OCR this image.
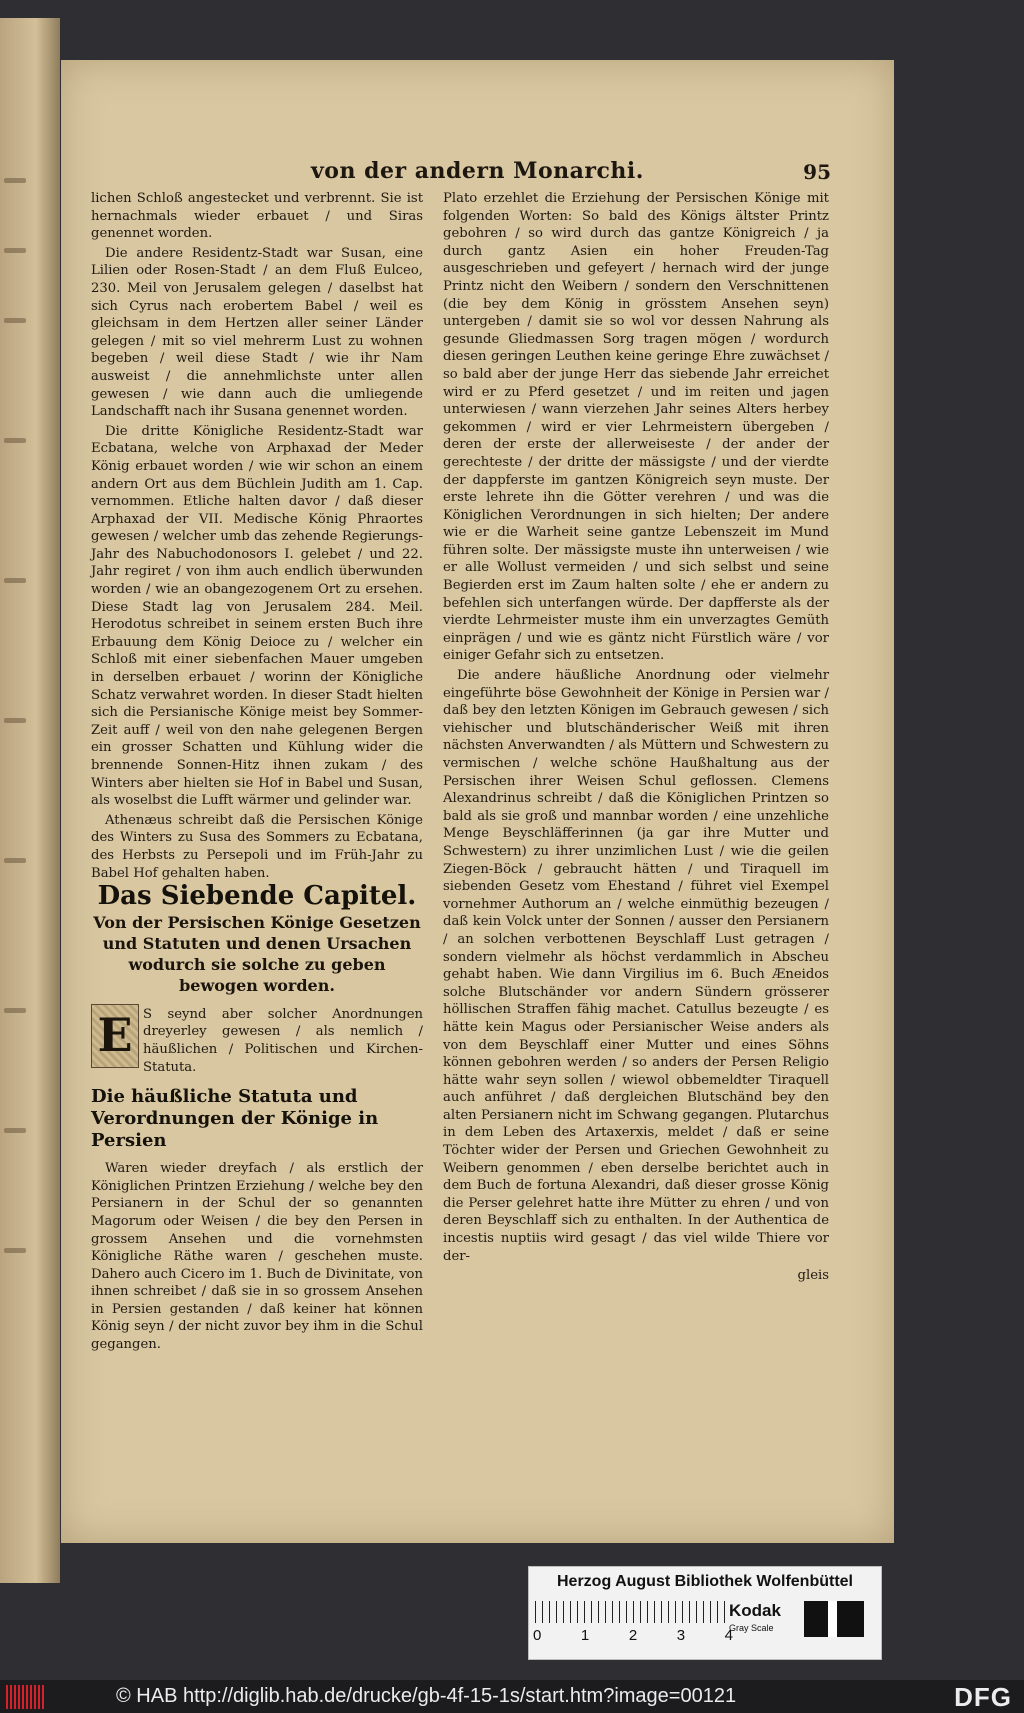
von der andern Monarchi.	95

lichen Schloß angestecket und verbrennt. Sie ist hernachmals wieder erbauet / und Siras genennet worden.

Die andere Residentz-Stadt war Susan, eine Lilien oder Rosen-Stadt / an dem Fluß Eulceo, 230. Meil von Jerusalem gelegen / daselbst hat sich Cyrus nach erobertem Babel / weil es gleichsam in dem Hertzen aller seiner Länder gelegen / mit so viel mehrerm Lust zu wohnen begeben / weil diese Stadt / wie ihr Nam ausweist / die annehmlichste unter allen gewesen / wie dann auch die umliegende Landschafft nach ihr Susana genennet worden.

Die dritte Königliche Residentz-Stadt war Ecbatana, welche von Arphaxad der Meder König erbauet worden / wie wir schon an einem andern Ort aus dem Büchlein Judith am 1. Cap. vernommen. Etliche halten davor / daß dieser Arphaxad der VII. Medische König Phraortes gewesen / welcher umb das zehende Regierungs-Jahr des Nabuchodonosors I. gelebet / und 22. Jahr regiret / von ihm auch endlich überwunden worden / wie an obangezogenem Ort zu ersehen. Diese Stadt lag von Jerusalem 284. Meil. Herodotus schreibet in seinem ersten Buch ihre Erbauung dem König Deioce zu / welcher ein Schloß mit einer siebenfachen Mauer umgeben in derselben erbauet / worinn der Königliche Schatz verwahret worden. In dieser Stadt hielten sich die Persianische Könige meist bey Sommer-Zeit auff / weil von den nahe gelegenen Bergen ein grosser Schatten und Kühlung wider die brennende Sonnen-Hitz ihnen zukam / des Winters aber hielten sie Hof in Babel und Susan, als woselbst die Lufft wärmer und gelinder war.

Athenæus schreibt daß die Persischen Könige des Winters zu Susa des Sommers zu Ecbatana, des Herbsts zu Persepoli und im Früh-Jahr zu Babel Hof gehalten haben.

Das Siebende Capitel.
Von der Persischen Könige Gesetzen und Statuten und denen Ursachen wodurch sie solche zu geben bewogen worden.
E S seynd aber solcher Anordnungen dreyerley gewesen / als nemlich / häußlichen / Politischen und Kirchen-Statuta.

Die häußliche Statuta und Verordnungen der Könige in Persien

Waren wieder dreyfach / als erstlich der Königlichen Printzen Erziehung / welche bey den Persianern in der Schul der so genannten Magorum oder Weisen / die bey den Persen in grossem Ansehen und die vornehmsten Königliche Räthe waren / geschehen muste. Dahero auch Cicero im 1. Buch de Divinitate, von ihnen schreibet / daß sie in so grossem Ansehen in Persien gestanden / daß keiner hat können König seyn / der nicht zuvor bey ihm in die Schul gegangen.

Plato erzehlet die Erziehung der Persischen Könige mit folgenden Worten: So bald des Königs ältster Printz gebohren / so wird durch das gantze Königreich / ja durch gantz Asien ein hoher Freuden-Tag ausgeschrieben und gefeyert / hernach wird der junge Printz nicht den Weibern / sondern den Verschnittenen (die bey dem König in grösstem Ansehen seyn) untergeben / damit sie so wol vor dessen Nahrung als gesunde Gliedmassen Sorg tragen mögen / wordurch diesen geringen Leuthen keine geringe Ehre zuwächset / so bald aber der junge Herr das siebende Jahr erreichet wird er zu Pferd gesetzet / und im reiten und jagen unterwiesen / wann vierzehen Jahr seines Alters herbey gekommen / wird er vier Lehrmeistern übergeben / deren der erste der allerweiseste / der ander der gerechteste / der dritte der mässigste / und der vierdte der dappferste im gantzen Königreich seyn muste. Der erste lehrete ihn die Götter verehren / und was die Königlichen Verordnungen in sich hielten; Der andere wie er die Warheit seine gantze Lebenszeit im Mund führen solte. Der mässigste muste ihn unterweisen / wie er alle Wollust vermeiden / und sich selbst und seine Begierden erst im Zaum halten solte / ehe er andern zu befehlen sich unterfangen würde. Der dapfferste als der vierdte Lehrmeister muste ihm ein unverzagtes Gemüth einprägen / und wie es gäntz nicht Fürstlich wäre / vor einiger Gefahr sich zu entsetzen.

Die andere häußliche Anordnung oder vielmehr eingeführte böse Gewohnheit der Könige in Persien war / daß bey den letzten Königen im Gebrauch gewesen / sich viehischer und blutschänderischer Weiß mit ihren nächsten Anverwandten / als Müttern und Schwestern zu vermischen / welche schöne Haußhaltung aus der Persischen ihrer Weisen Schul geflossen. Clemens Alexandrinus schreibt / daß die Königlichen Printzen so bald als sie groß und mannbar worden / eine unzehliche Menge Beyschläfferinnen (ja gar ihre Mutter und Schwestern) zu ihrer unzimlichen Lust / wie die geilen Ziegen-Böck / gebraucht hätten / und Tiraquell im siebenden Gesetz vom Ehestand / führet viel Exempel vornehmer Authorum an / welche einmüthig bezeugen / daß kein Volck unter der Sonnen / ausser den Persianern / an solchen verbottenen Beyschlaff Lust getragen / sondern vielmehr als höchst verdammlich in Abscheu gehabt haben. Wie dann Virgilius im 6. Buch Æneidos solche Blutschänder vor andern Sündern grösserer höllischen Straffen fähig machet. Catullus bezeugte / es hätte kein Magus oder Persianischer Weise anders als von dem Beyschlaff einer Mutter und eines Söhns können gebohren werden / so anders der Persen Religio hätte wahr seyn sollen / wiewol obbemeldter Tiraquell auch anführet / daß dergleichen Blutschänd bey den alten Persianern nicht im Schwang gegangen. Plutarchus in dem Leben des Artaxerxis, meldet / daß er seine Töchter wider der Persen und Griechen Gewohnheit zu Weibern genommen / eben derselbe berichtet auch in dem Buch de fortuna Alexandri, daß dieser grosse König die Perser gelehret hatte ihre Mütter zu ehren / und von deren Beyschlaff sich zu enthalten. In der Authentica de incestis nuptiis wird gesagt / das viel wilde Thiere vor der-

gleis

Herzog August Bibliothek Wolfenbüttel
0	1	2	3	4
Kodak
Gray Scale
© HAB http://diglib.hab.de/drucke/gb-4f-15-1s/start.htm?image=00121	DFG
